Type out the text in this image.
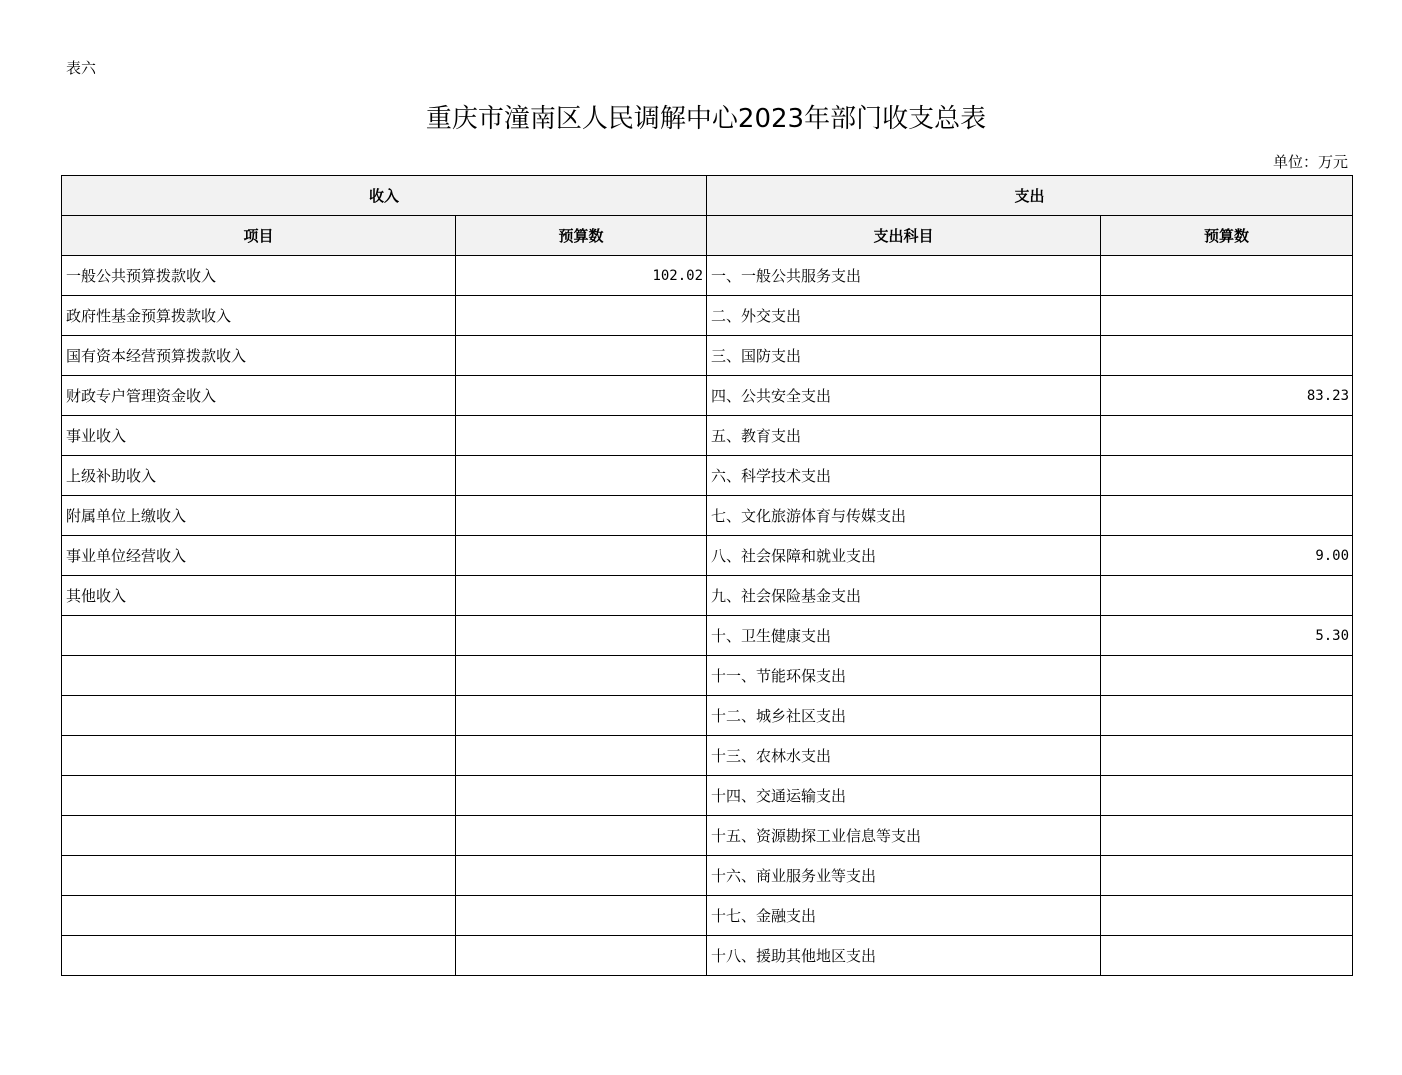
表六
重庆市潼南区人民调解中心2023年部门收支总表
单位：万元
收入		支出	
项目	预算数	支出科目	预算数
一般公共预算拨款收入	102.02	一、一般公共服务支出	
政府性基金预算拨款收入		二、外交支出	
国有资本经营预算拨款收入		三、国防支出	
财政专户管理资金收入		四、公共安全支出	83.23
事业收入		五、教育支出	
上级补助收入		六、科学技术支出	
附属单位上缴收入		七、文化旅游体育与传媒支出	
事业单位经营收入		八、社会保障和就业支出	9.00
其他收入		九、社会保险基金支出	
		十、卫生健康支出	5.30
		十一、节能环保支出	
		十二、城乡社区支出	
		十三、农林水支出	
		十四、交通运输支出	
		十五、资源勘探工业信息等支出	
		十六、商业服务业等支出	
		十七、金融支出	
		十八、援助其他地区支出	
